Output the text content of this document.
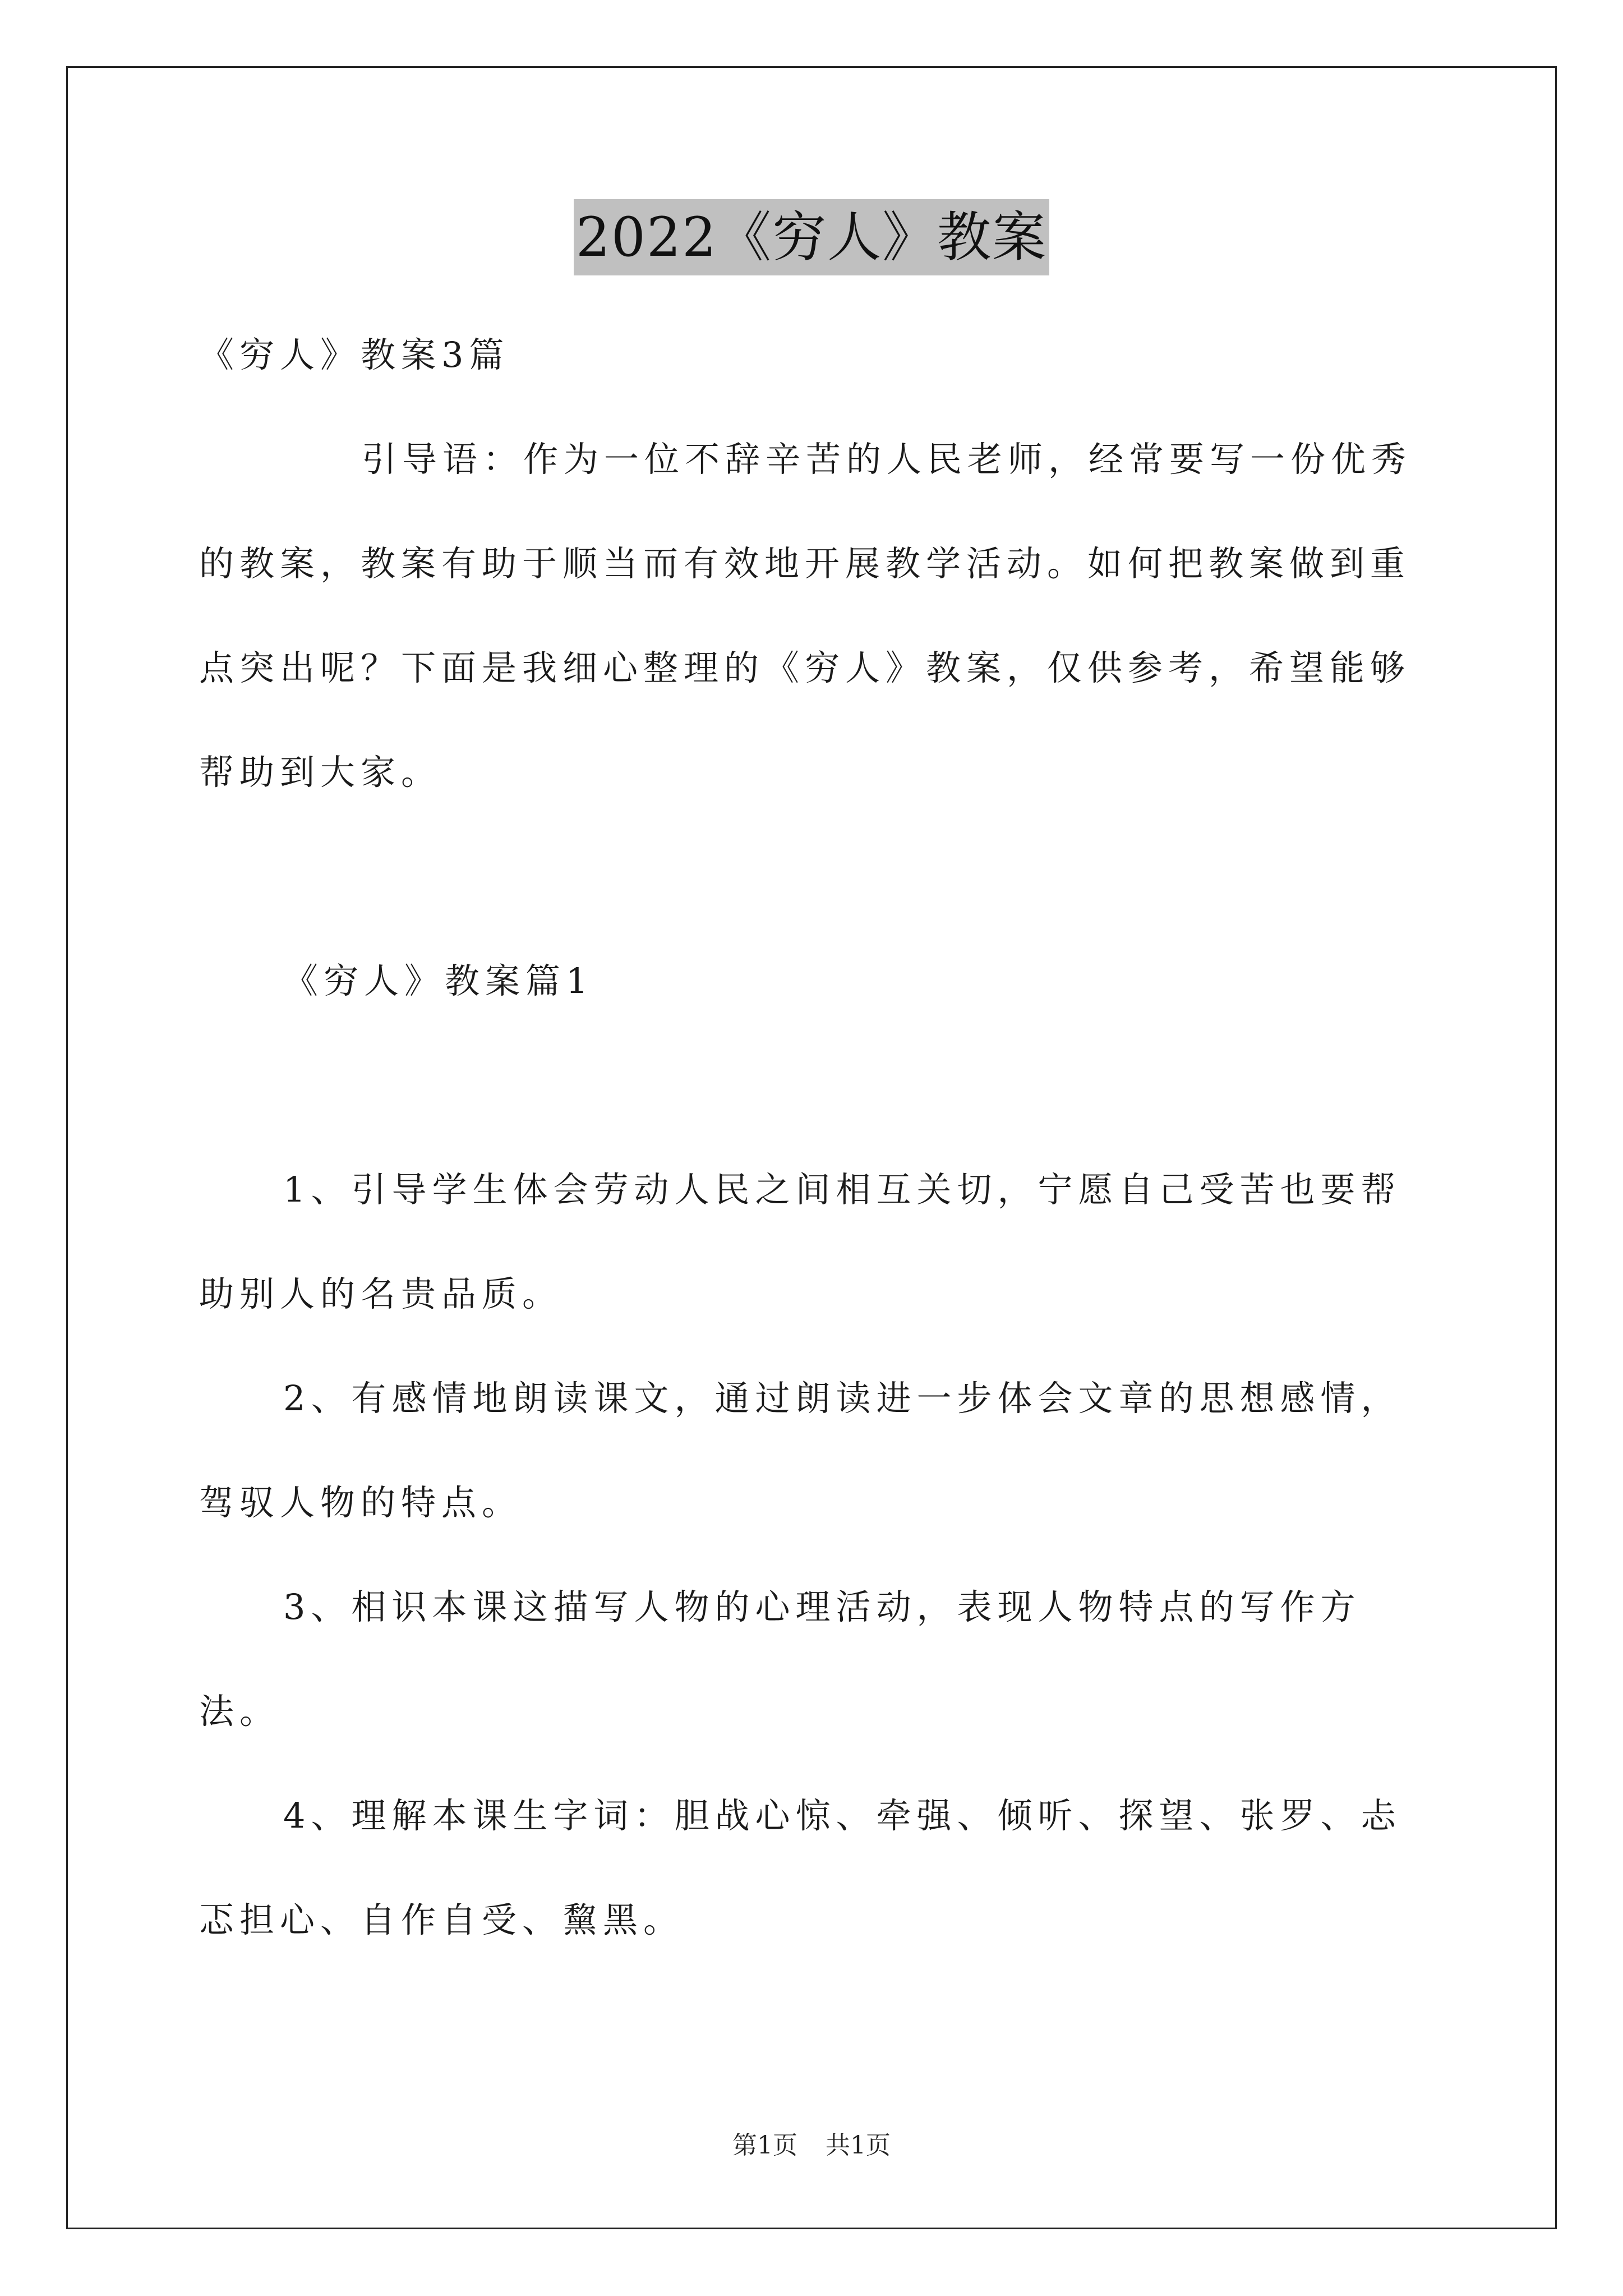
2022《穷人》教案

《穷人》教案3篇

引导语：作为一位不辞辛苦的人民老师，经常要写一份优秀的教案，教案有助于顺当而有效地开展教学活动。如何把教案做到重点突出呢？下面是我细心整理的《穷人》教案，仅供参考，希望能够帮助到大家。

《穷人》教案篇1

1、引导学生体会劳动人民之间相互关切，宁愿自己受苦也要帮助别人的名贵品质。

2、有感情地朗读课文，通过朗读进一步体会文章的思想感情，驾驭人物的特点。

3、相识本课这描写人物的心理活动，表现人物特点的写作方法。

4、理解本课生字词：胆战心惊、牵强、倾听、探望、张罗、忐忑担心、自作自受、黧黑。

第1页 共1页
